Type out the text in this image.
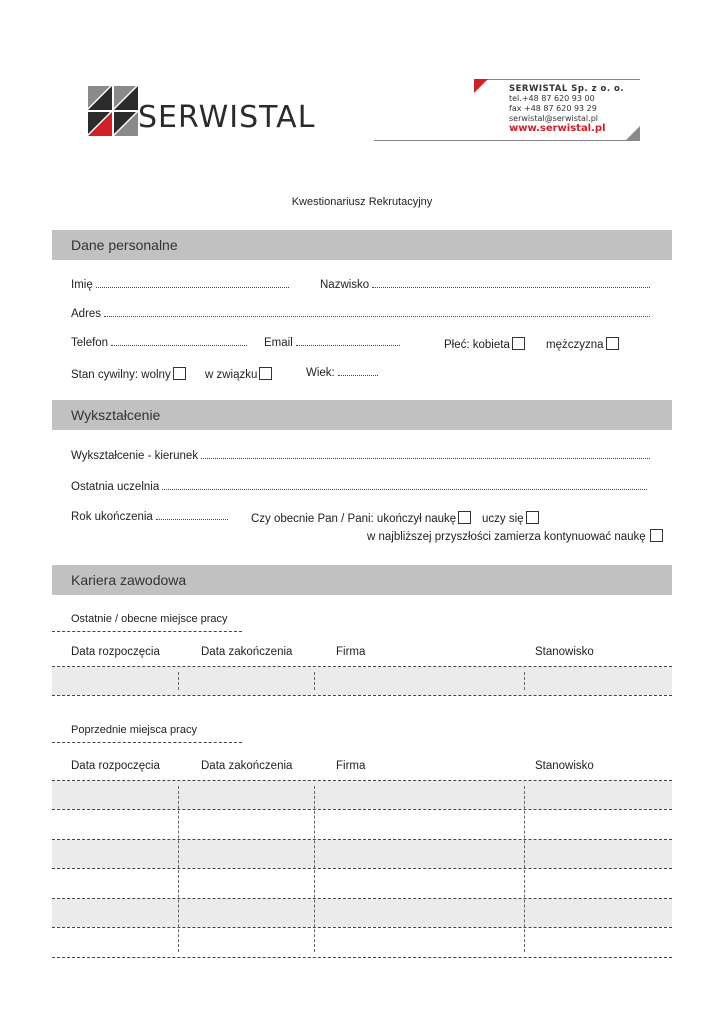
SERWISTAL
SERWISTAL Sp. z o. o.
tel.+48 87 620 93 00
fax +48 87 620 93 29
serwistal@serwistal.pl
www.serwistal.pl
Kwestionariusz Rekrutacyjny
Dane personalne
Imię	Nazwisko
Adres
Telefon	Email	Płeć: kobieta	mężczyzna
Stan cywilny: wolny	w związku	Wiek:
Wykształcenie
Wykształcenie - kierunek
Ostatnia uczelnia
Rok ukończenia	Czy obecnie Pan / Pani: ukończył naukę	uczy się
w najbliższej przyszłości zamierza kontynuować naukę
Kariera zawodowa
Ostatnie / obecne miejsce pracy
Data rozpoczęcia	Data zakończenia	Firma	Stanowisko
Poprzednie miejsca pracy
Data rozpoczęcia	Data zakończenia	Firma	Stanowisko
